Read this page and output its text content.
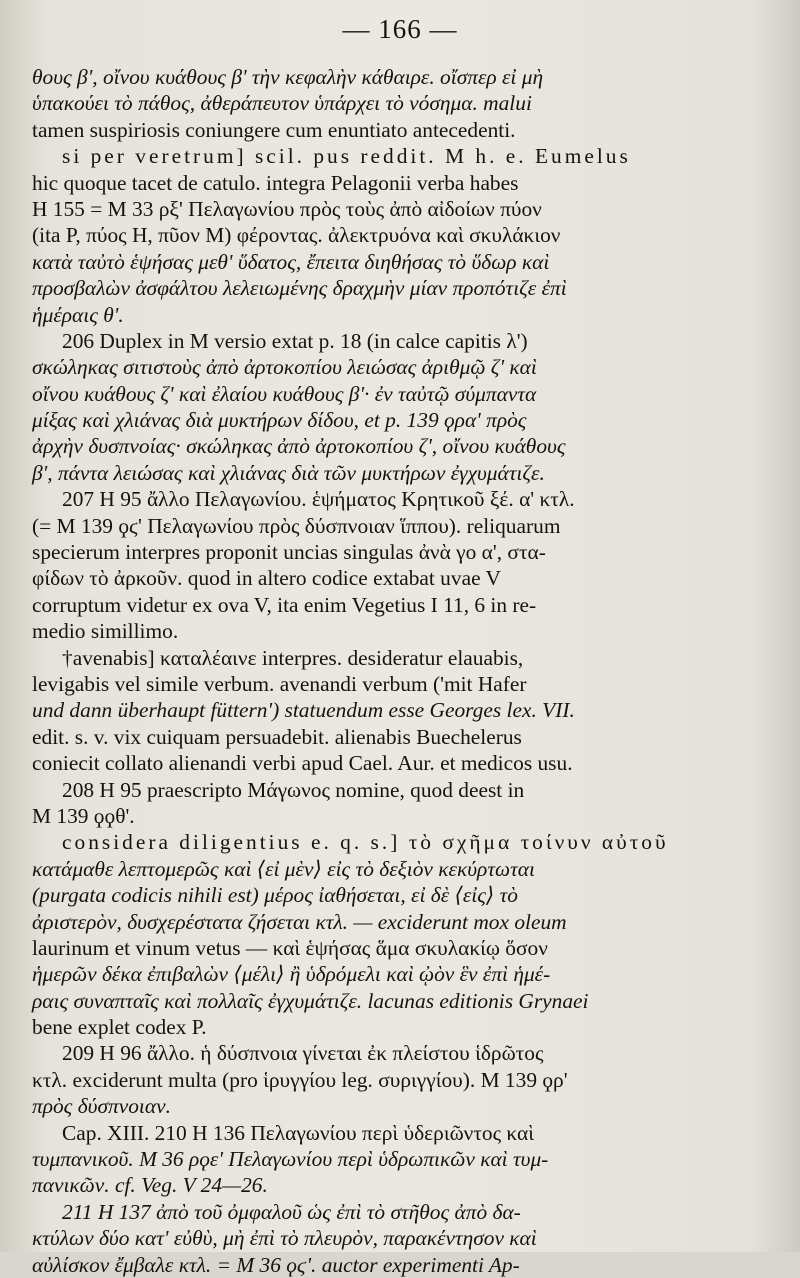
— 166 —
θους β', οἴνου κυάθους β' τὴν κεφαλὴν κάθαιρε. οἴσπερ εἰ μὴ
ὑπακούει τὸ πάθος, ἀθεράπευτον ὑπάρχει τὸ νόσημα. malui
tamen suspiriosis coniungere cum enuntiato antecedenti.
si per veretrum] scil. pus reddit. M h. e. Eumelus
hic quoque tacet de catulo. integra Pelagonii verba habes
H 155 = M 33 ρξ' Πελαγωνίου πρὸς τοὺς ἀπὸ αἰδοίων πύον
(ita P, πύος H, πῦον M) φέροντας. ἀλεκτρυόνα καὶ σκυλάκιον
κατὰ ταὐτὸ ἑψήσας μεθ' ὕδατος, ἔπειτα διηθήσας τὸ ὕδωρ καὶ
προσβαλὼν ἀσφάλτου λελειωμένης δραχμὴν μίαν προπότιζε ἐπὶ
ἡμέραις θ'.
206 Duplex in M versio extat p. 18 (in calce capitis λ')
σκώληκας σιτιστοὺς ἀπὸ ἀρτοκοπίου λειώσας ἀριθμῷ ζ' καὶ
οἴνου κυάθους ζ' καὶ ἐλαίου κυάθους β'· ἐν ταὐτῷ σύμπαντα
μίξας καὶ χλιάνας διὰ μυκτήρων δίδου, et p. 139 ϙρα' πρὸς
ἀρχὴν δυσπνοίας· σκώληκας ἀπὸ ἀρτοκοπίου ζ', οἴνου κυάθους
β', πάντα λειώσας καὶ χλιάνας διὰ τῶν μυκτήρων ἐγχυμάτιζε.
207 H 95 ἄλλο Πελαγωνίου. ἑψήματος Κρητικοῦ ξέ. α' κτλ.
(= M 139 ϙϛ' Πελαγωνίου πρὸς δύσπνοιαν ἵππου). reliquarum
specierum interpres proponit uncias singulas ἀνὰ γο α', στα-
φίδων τὸ ἀρκοῦν. quod in altero codice extabat uvae V
corruptum videtur ex ova V, ita enim Vegetius I 11, 6 in re-
medio simillimo.
†avenabis] καταλέαινε interpres. desideratur elauabis,
levigabis vel simile verbum. avenandi verbum ('mit Hafer
und dann überhaupt füttern') statuendum esse Georges lex. VII.
edit. s. v. vix cuiquam persuadebit. alienabis Buechelerus
coniecit collato alienandi verbi apud Cael. Aur. et medicos usu.
208 H 95 praescripto Μάγωνος nomine, quod deest in
M 139 ϙϙθ'.
considera diligentius e. q. s.] τὸ σχῆμα τοίνυν αὐτοῦ
κατάμαθε λεπτομερῶς καὶ ⟨εἰ μὲν⟩ εἰς τὸ δεξιὸν κεκύρτωται
(purgata codicis nihili est) μέρος ἰαθήσεται, εἰ δὲ ⟨εἰς⟩ τὸ
ἀριστερὸν, δυσχερέστατα ζήσεται κτλ. — exciderunt mox oleum
laurinum et vinum vetus — καὶ ἑψήσας ἅμα σκυλακίῳ ὅσον
ἡμερῶν δέκα ἐπιβαλὼν ⟨μέλι⟩ ἢ ὑδρόμελι καὶ ᾠὸν ἓν ἐπὶ ἡμέ-
ραις συναπταῖς καὶ πολλαῖς ἐγχυμάτιζε. lacunas editionis Grynaei
bene explet codex P.
209 H 96 ἄλλο. ἡ δύσπνοια γίνεται ἐκ πλείστου ἱδρῶτος
κτλ. exciderunt multa (pro ἱρυγγίου leg. συριγγίου). M 139 ϙρ'
πρὸς δύσπνοιαν.
Cap. XIII. 210 H 136 Πελαγωνίου περὶ ὑδεριῶντος καὶ
τυμπανικοῦ. M 36 ρϙε' Πελαγωνίου περὶ ὑδρωπικῶν καὶ τυμ-
πανικῶν. cf. Veg. V 24—26.
211 H 137 ἀπὸ τοῦ ὀμφαλοῦ ὡς ἐπὶ τὸ στῆθος ἀπὸ δα-
κτύλων δύο κατ' εὐθὺ, μὴ ἐπὶ τὸ πλευρὸν, παρακέντησον καὶ
αὐλίσκον ἔμβαλε κτλ. = M 36 ϙϛ'. auctor experimenti Ap-
